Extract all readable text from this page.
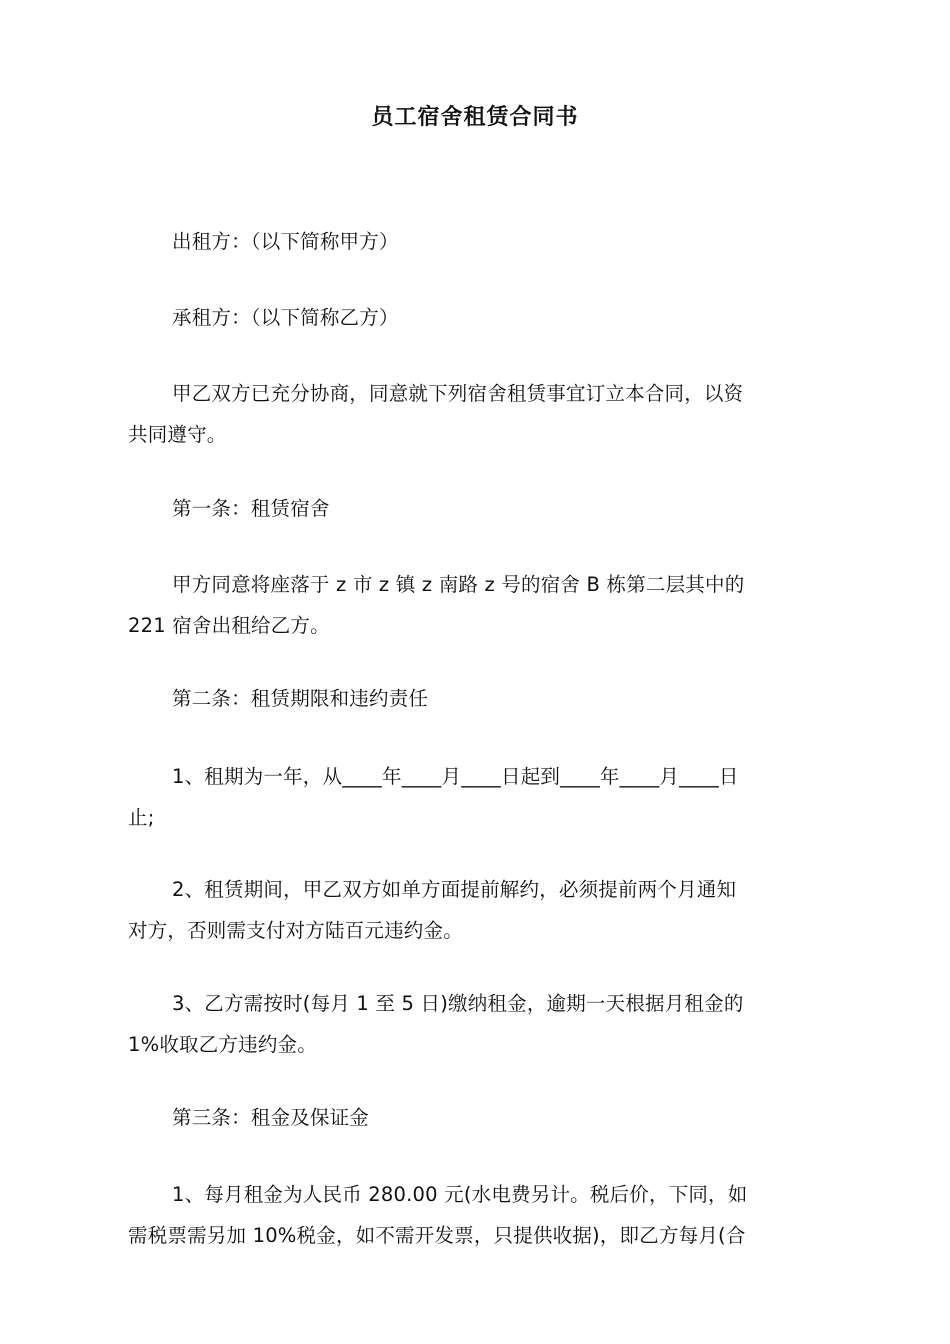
员工宿舍租赁合同书
出租方：（以下简称甲方）
承租方：（以下简称乙方）
甲乙双方已充分协商，同意就下列宿舍租赁事宜订立本合同，以资
共同遵守。
第一条：租赁宿舍
甲方同意将座落于 z 市 z 镇 z 南路 z 号的宿舍 B 栋第二层其中的
221 宿舍出租给乙方。
第二条：租赁期限和违约责任
1、租期为一年，从____年____月____日起到____年____月____日
止;
2、租赁期间，甲乙双方如单方面提前解约，必须提前两个月通知
对方，否则需支付对方陆百元违约金。
3、乙方需按时(每月 1 至 5 日)缴纳租金，逾期一天根据月租金的
1%收取乙方违约金。
第三条：租金及保证金
1、每月租金为人民币 280.00 元(水电费另计。税后价，下同，如
需税票需另加 10%税金，如不需开发票，只提供收据)，即乙方每月(合
